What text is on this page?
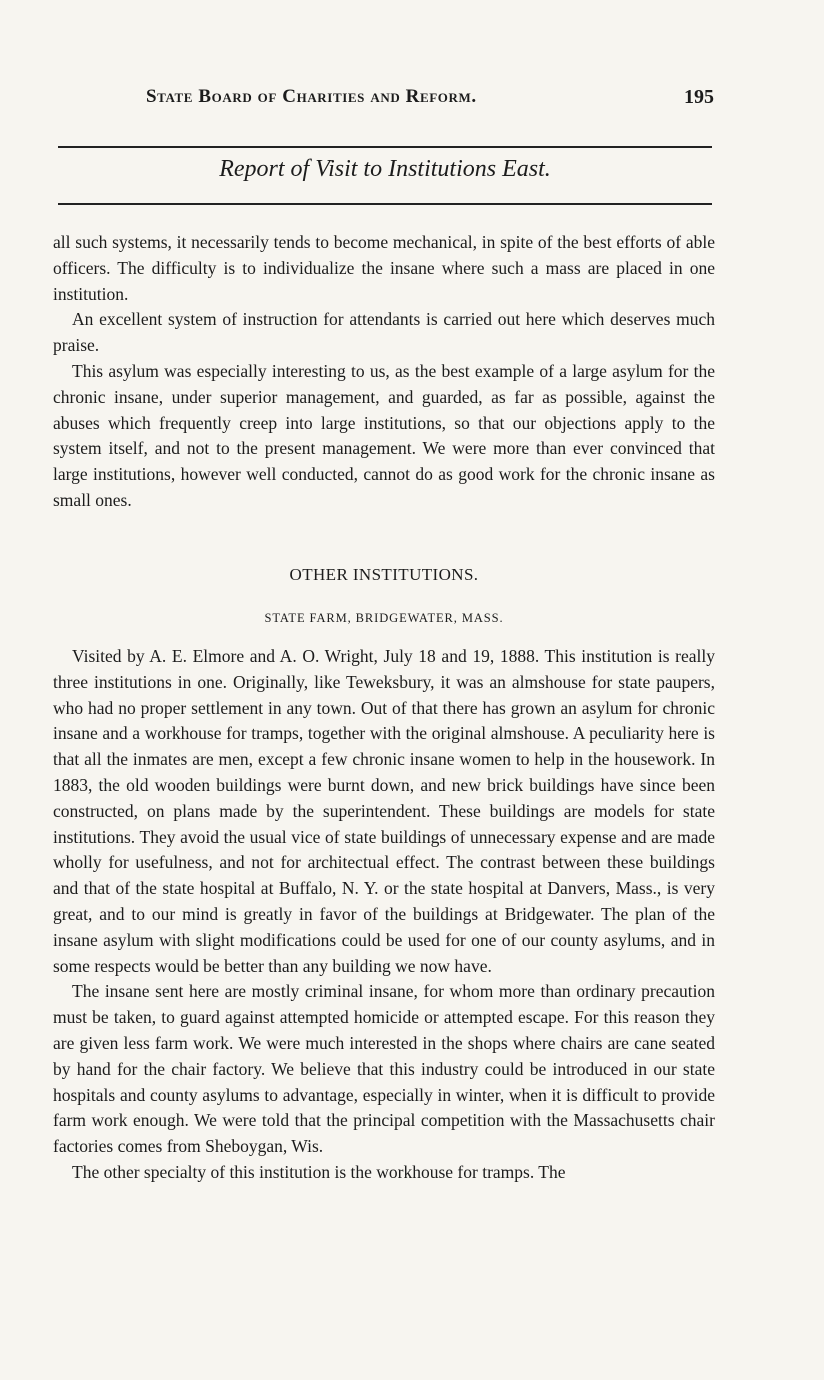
State Board of Charities and Reform.	195
Report of Visit to Institutions East.

all such systems, it necessarily tends to become mechanical, in spite of the best efforts of able officers. The difficulty is to individualize the insane where such a mass are placed in one institution.

An excellent system of instruction for attendants is carried out here which deserves much praise.

This asylum was especially interesting to us, as the best example of a large asylum for the chronic insane, under superior management, and guarded, as far as possible, against the abuses which frequently creep into large institutions, so that our objections apply to the system itself, and not to the present management. We were more than ever convinced that large institutions, however well conducted, cannot do as good work for the chronic insane as small ones.

OTHER INSTITUTIONS.
STATE FARM, BRIDGEWATER, MASS.

Visited by A. E. Elmore and A. O. Wright, July 18 and 19, 1888. This institution is really three institutions in one. Originally, like Teweksbury, it was an almshouse for state paupers, who had no proper settlement in any town. Out of that there has grown an asylum for chronic insane and a workhouse for tramps, together with the original almshouse. A peculiarity here is that all the inmates are men, except a few chronic insane women to help in the housework. In 1883, the old wooden buildings were burnt down, and new brick buildings have since been constructed, on plans made by the superintendent. These buildings are models for state institutions. They avoid the usual vice of state buildings of unnecessary expense and are made wholly for usefulness, and not for architectual effect. The contrast between these buildings and that of the state hospital at Buffalo, N. Y. or the state hospital at Danvers, Mass., is very great, and to our mind is greatly in favor of the buildings at Bridgewater. The plan of the insane asylum with slight modifications could be used for one of our county asylums, and in some respects would be better than any building we now have.

The insane sent here are mostly criminal insane, for whom more than ordinary precaution must be taken, to guard against attempted homicide or attempted escape. For this reason they are given less farm work. We were much interested in the shops where chairs are cane seated by hand for the chair factory. We believe that this industry could be introduced in our state hospitals and county asylums to advantage, especially in winter, when it is difficult to provide farm work enough. We were told that the principal competition with the Massachusetts chair factories comes from Sheboygan, Wis.

The other specialty of this institution is the workhouse for tramps. The
